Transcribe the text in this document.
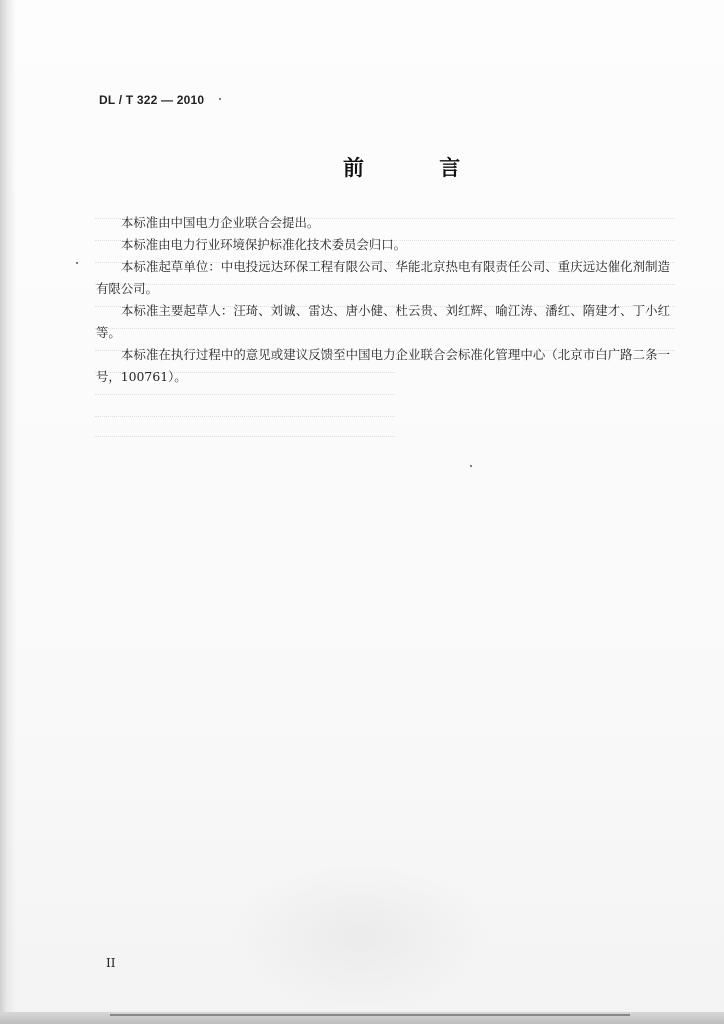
DL / T 322 — 2010
前 言

本标准由中国电力企业联合会提出。

本标准由电力行业环境保护标准化技术委员会归口。

本标准起草单位：中电投远达环保工程有限公司、华能北京热电有限责任公司、重庆远达催化剂制造有限公司。

本标准主要起草人：汪琦、刘诚、雷达、唐小健、杜云贵、刘红辉、喻江涛、潘红、隋建才、丁小红等。

本标准在执行过程中的意见或建议反馈至中国电力企业联合会标准化管理中心（北京市白广路二条一号，100761）。

II
